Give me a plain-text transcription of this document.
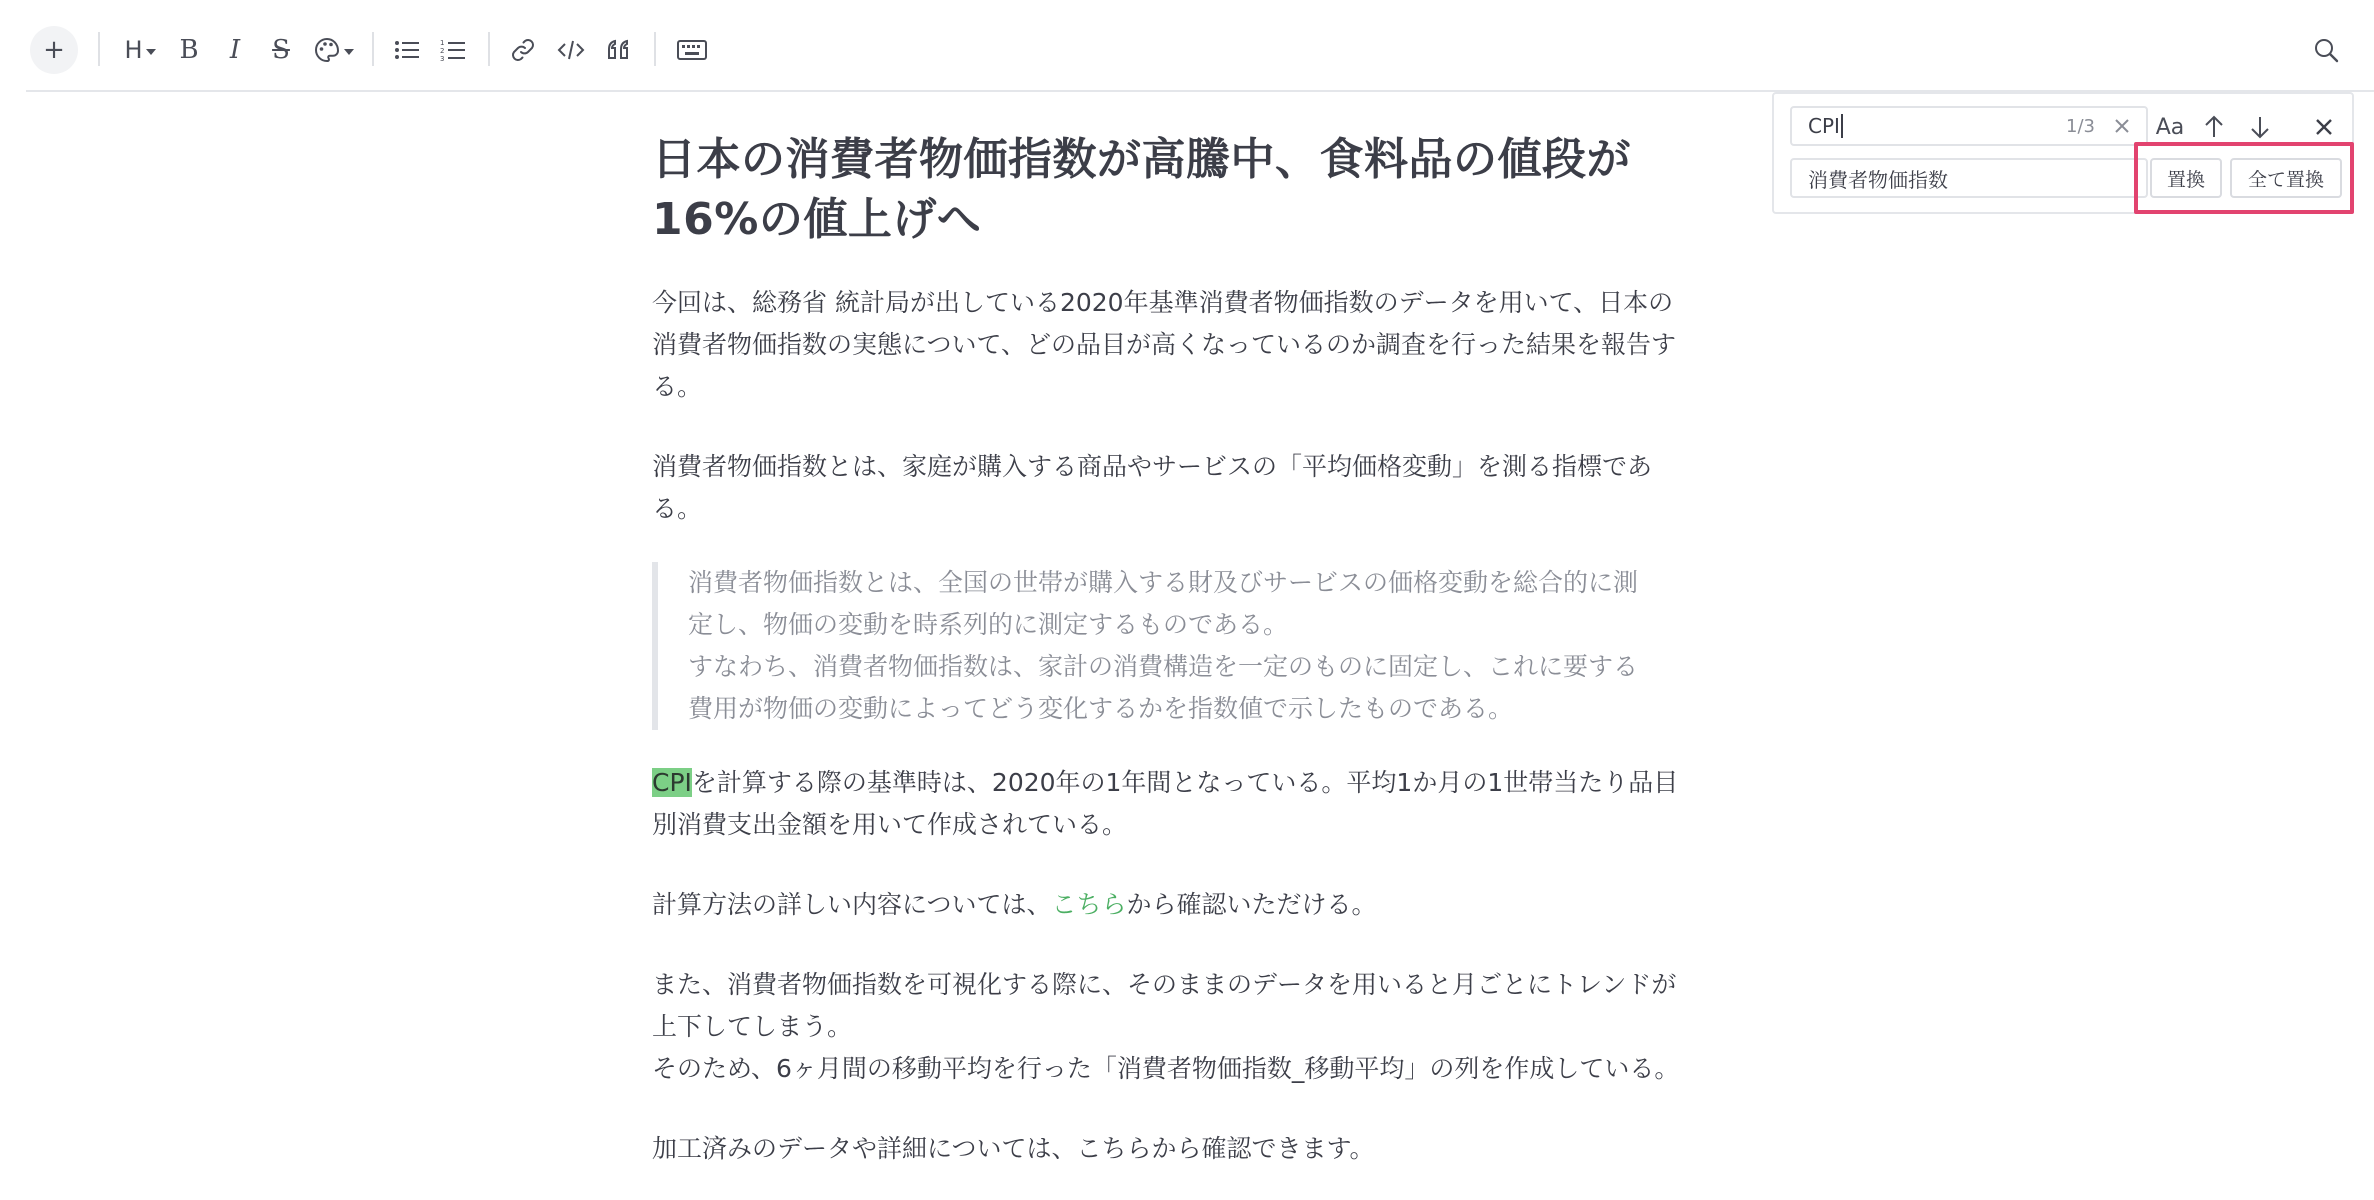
+ H B I S	1
2
3
CPI	1/3	Aa
消費者物価指数	置換 全て置換
日本の消費者物価指数が高騰中、食料品の値段が
16%の値上げへ

今回は、総務省 統計局が出している2020年基準消費者物価指数のデータを用いて、日本の
消費者物価指数の実態について、どの品目が高くなっているのか調査を行った結果を報告す
る。

消費者物価指数とは、家庭が購入する商品やサービスの「平均価格変動」を測る指標であ
る。

消費者物価指数とは、全国の世帯が購入する財及びサービスの価格変動を総合的に測
定し、物価の変動を時系列的に測定するものである。
すなわち、消費者物価指数は、家計の消費構造を一定のものに固定し、これに要する
費用が物価の変動によってどう変化するかを指数値で示したものである。

CPIを計算する際の基準時は、2020年の1年間となっている。平均1か月の1世帯当たり品目
別消費支出金額を用いて作成されている。

計算方法の詳しい内容については、こちらから確認いただける。

また、消費者物価指数を可視化する際に、そのままのデータを用いると月ごとにトレンドが
上下してしまう。
そのため、6ヶ月間の移動平均を行った「消費者物価指数_移動平均」の列を作成している。

加工済みのデータや詳細については、こちらから確認できます。
